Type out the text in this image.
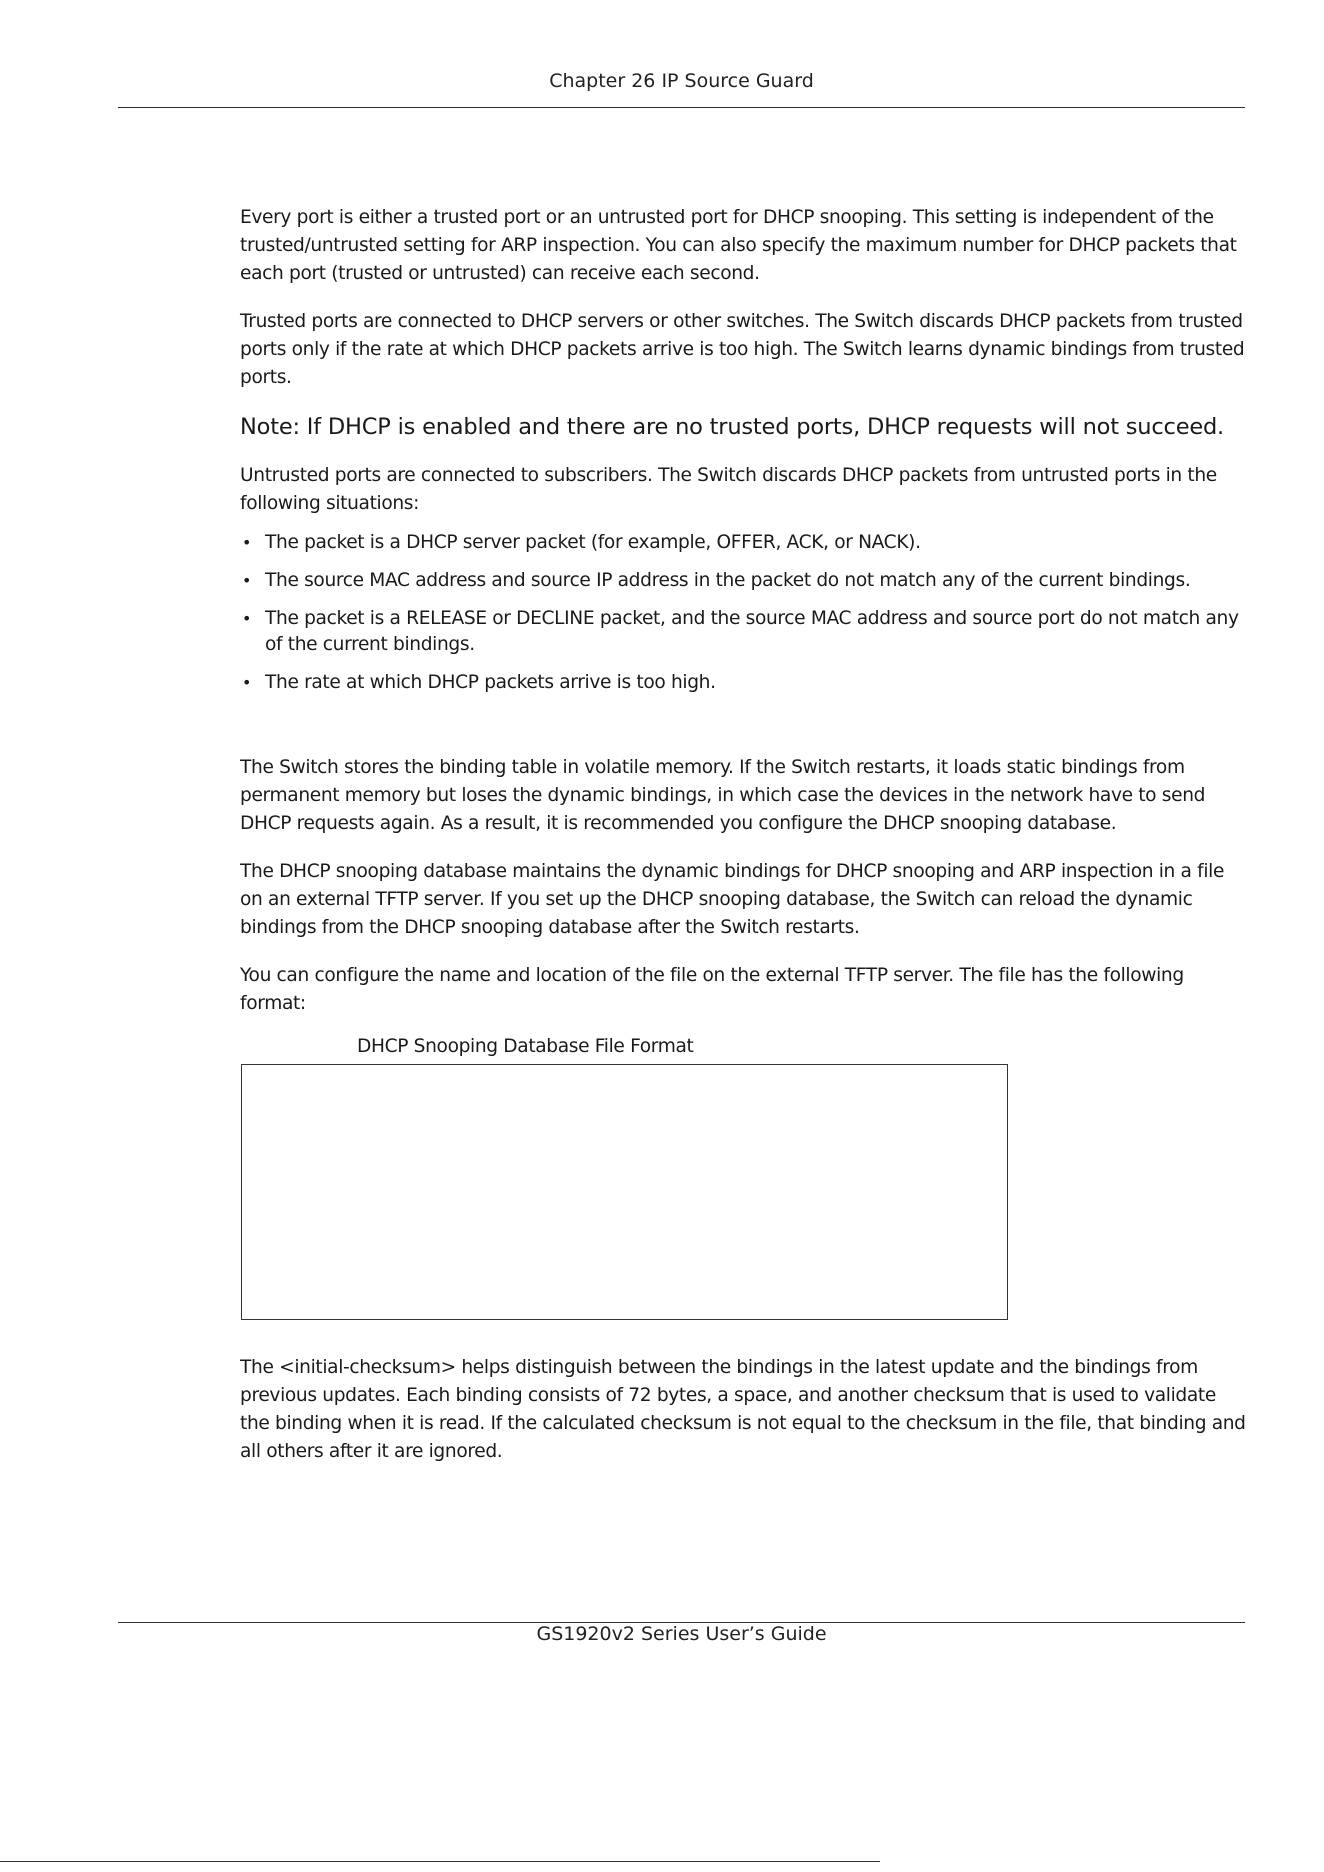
Chapter 26 IP Source Guard

Every port is either a trusted port or an untrusted port for DHCP snooping. This setting is independent of the trusted/untrusted setting for ARP inspection. You can also specify the maximum number for DHCP packets that each port (trusted or untrusted) can receive each second.

Trusted ports are connected to DHCP servers or other switches. The Switch discards DHCP packets from trusted ports only if the rate at which DHCP packets arrive is too high. The Switch learns dynamic bindings from trusted ports.

Note: If DHCP is enabled and there are no trusted ports, DHCP requests will not succeed.

Untrusted ports are connected to subscribers. The Switch discards DHCP packets from untrusted ports in the following situations:

• The packet is a DHCP server packet (for example, OFFER, ACK, or NACK).
• The source MAC address and source IP address in the packet do not match any of the current bindings.
• The packet is a RELEASE or DECLINE packet, and the source MAC address and source port do not match any of the current bindings.
• The rate at which DHCP packets arrive is too high.

The Switch stores the binding table in volatile memory. If the Switch restarts, it loads static bindings from permanent memory but loses the dynamic bindings, in which case the devices in the network have to send DHCP requests again. As a result, it is recommended you configure the DHCP snooping database.

The DHCP snooping database maintains the dynamic bindings for DHCP snooping and ARP inspection in a file on an external TFTP server. If you set up the DHCP snooping database, the Switch can reload the dynamic bindings from the DHCP snooping database after the Switch restarts.

You can configure the name and location of the file on the external TFTP server. The file has the following format:

DHCP Snooping Database File Format

The <initial-checksum> helps distinguish between the bindings in the latest update and the bindings from previous updates. Each binding consists of 72 bytes, a space, and another checksum that is used to validate the binding when it is read. If the calculated checksum is not equal to the checksum in the file, that binding and all others after it are ignored.

GS1920v2 Series User’s Guide
